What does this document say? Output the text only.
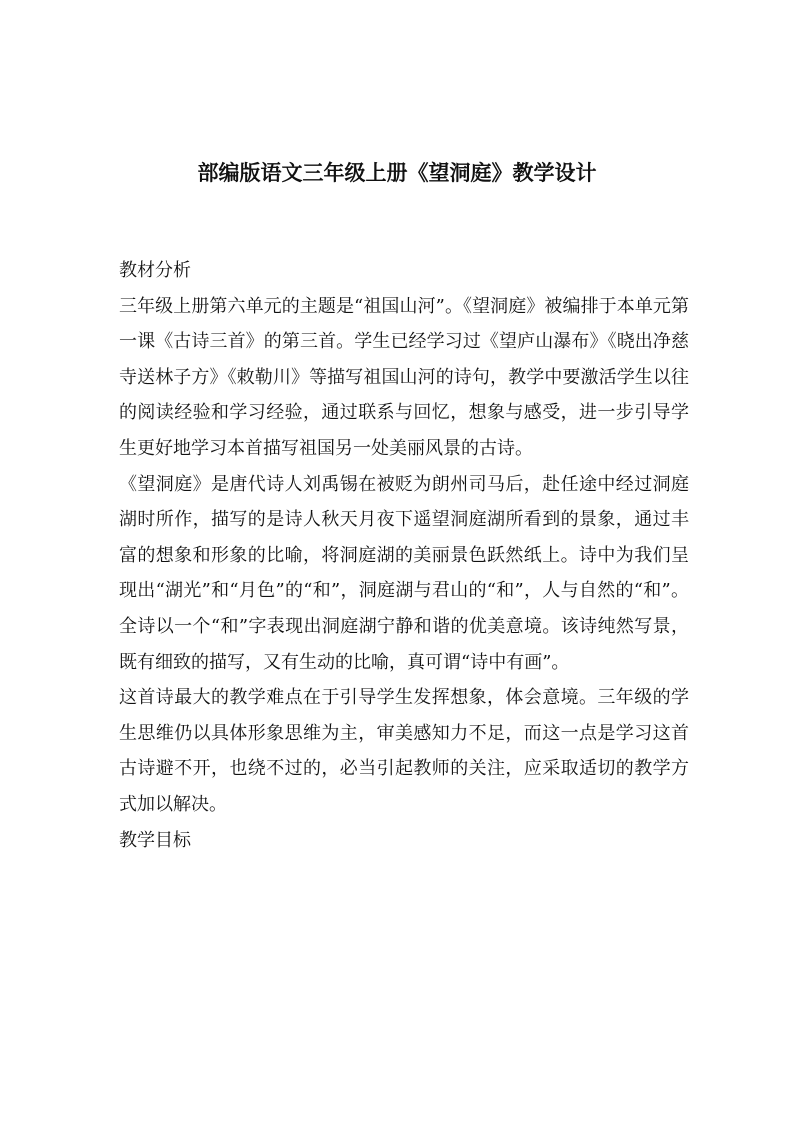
部编版语文三年级上册《望洞庭》教学设计

教材分析

三年级上册第六单元的主题是“祖国山河”。《望洞庭》被编排于本单元第一课《古诗三首》的第三首。学生已经学习过《望庐山瀑布》《晓出净慈寺送林子方》《敕勒川》等描写祖国山河的诗句，教学中要激活学生以往的阅读经验和学习经验，通过联系与回忆，想象与感受，进一步引导学生更好地学习本首描写祖国另一处美丽风景的古诗。

《望洞庭》是唐代诗人刘禹锡在被贬为朗州司马后，赴任途中经过洞庭湖时所作，描写的是诗人秋天月夜下遥望洞庭湖所看到的景象，通过丰富的想象和形象的比喻，将洞庭湖的美丽景色跃然纸上。诗中为我们呈现出“湖光”和“月色”的“和”，洞庭湖与君山的“和”，人与自然的“和”。全诗以一个“和”字表现出洞庭湖宁静和谐的优美意境。该诗纯然写景，既有细致的描写，又有生动的比喻，真可谓“诗中有画”。

这首诗最大的教学难点在于引导学生发挥想象，体会意境。三年级的学生思维仍以具体形象思维为主，审美感知力不足，而这一点是学习这首古诗避不开，也绕不过的，必当引起教师的关注，应采取适切的教学方式加以解决。

教学目标
